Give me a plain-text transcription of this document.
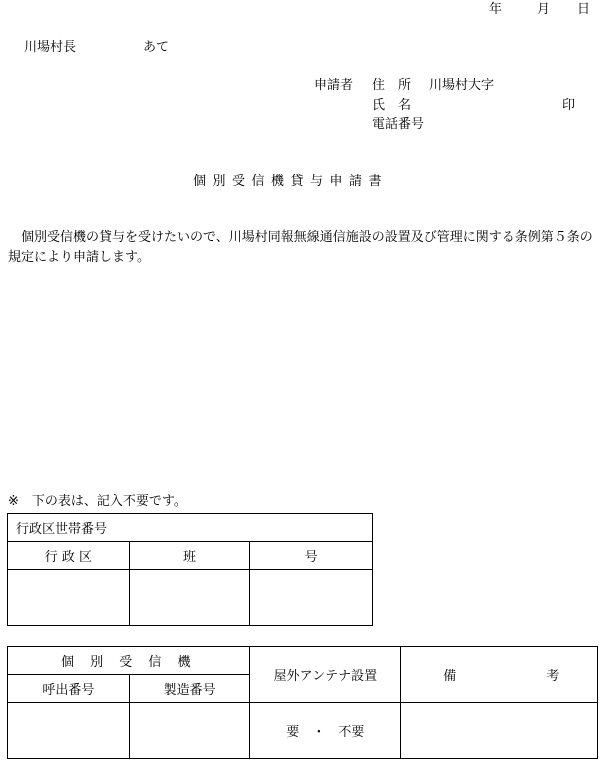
年	月 日
川場村長	あて
申請者 住　所 川場村大字
氏　名	印
電話番号
個別受信機貸与申請書
個別受信機の貸与を受けたいので、川場村同報無線通信施設の設置及び管理に関する条例第５条の規定により申請します。
※　下の表は、記入不要です。
行政区世帯番号		
行 政 区	班	号

個 別 受 信 機		屋外アンテナ設置	備 考
呼出番号	製造番号		
		要　・　不要	
